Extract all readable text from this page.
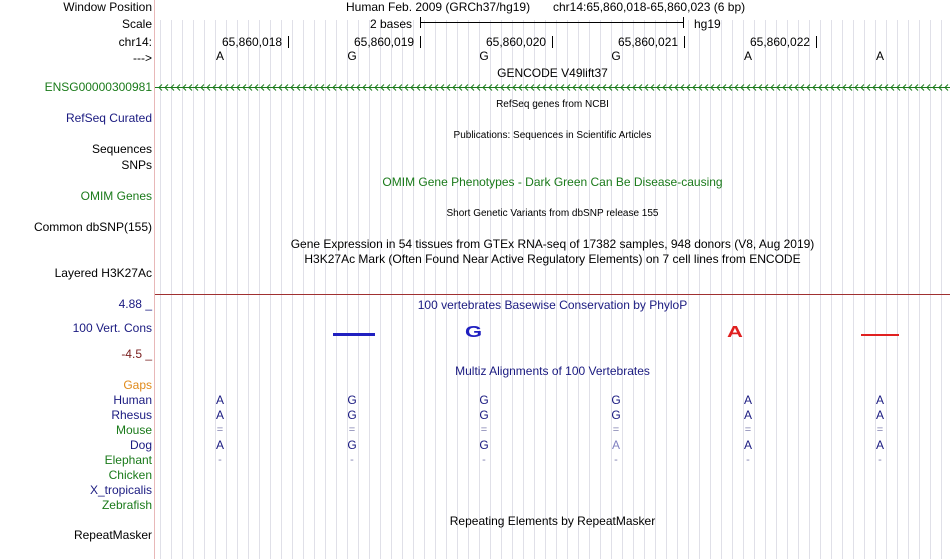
Window Position	Human Feb. 2009 (GRCh37/hg19) chr14:65,860,018-65,860,023 (6 bp)
Scale	2 bases	hg19
chr14:	65,860,018	65,860,019	65,860,020	65,860,021	65,860,022
--->	A	G	G	G	A	A
GENCODE V49lift37
ENSG00000300981
RefSeq genes from NCBI
RefSeq Curated
Publications: Sequences in Scientific Articles
Sequences
SNPs
OMIM Gene Phenotypes - Dark Green Can Be Disease-causing
OMIM Genes
Short Genetic Variants from dbSNP release 155
Common dbSNP(155)
Gene Expression in 54 tissues from GTEx RNA-seq of 17382 samples, 948 donors (V8, Aug 2019)
H3K27Ac Mark (Often Found Near Active Regulatory Elements) on 7 cell lines from ENCODE
Layered H3K27Ac
100 vertebrates Basewise Conservation by PhyloP
4.88 _
100 Vert. Cons
-4.5 _
G	A
Multiz Alignments of 100 Vertebrates
Gaps
Human	A	G	G	G	A	A
Rhesus	A	G	G	G	A	A
Mouse	=	=	=	=	=	=
Dog	A	G	G	A	A	A
Elephant	-	-	-	-	-	-
Chicken
X_tropicalis
Zebrafish
Repeating Elements by RepeatMasker
RepeatMasker
